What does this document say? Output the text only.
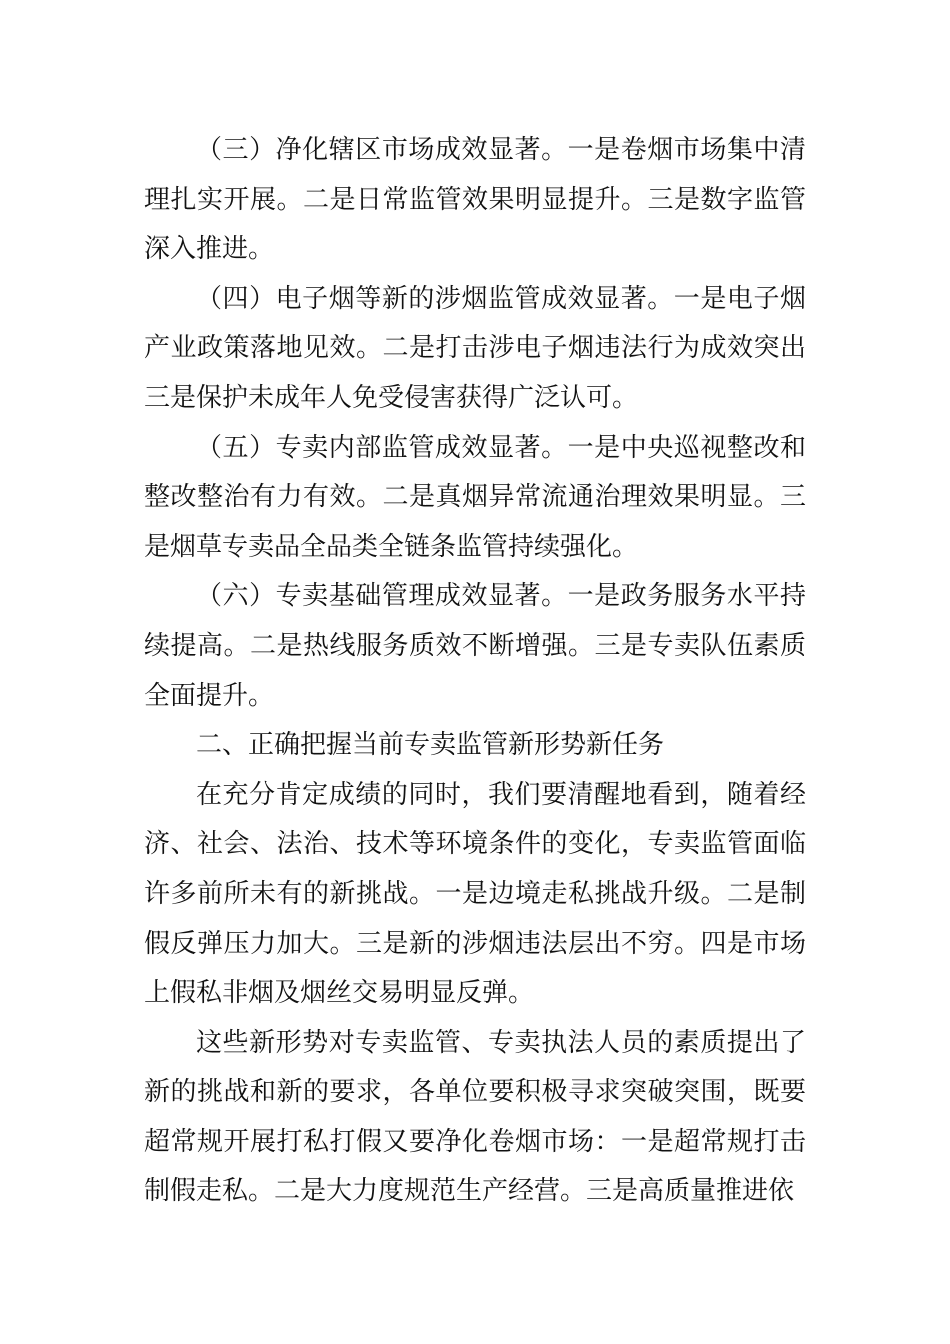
（三）净化辖区市场成效显著。一是卷烟市场集中清理扎实开展。二是日常监管效果明显提升。三是数字监管深入推进。

（四）电子烟等新的涉烟监管成效显著。一是电子烟产业政策落地见效。二是打击涉电子烟违法行为成效突出三是保护未成年人免受侵害获得广泛认可。

（五）专卖内部监管成效显著。一是中央巡视整改和整改整治有力有效。二是真烟异常流通治理效果明显。三是烟草专卖品全品类全链条监管持续强化。

（六）专卖基础管理成效显著。一是政务服务水平持续提高。二是热线服务质效不断增强。三是专卖队伍素质全面提升。

二、正确把握当前专卖监管新形势新任务

在充分肯定成绩的同时，我们要清醒地看到，随着经济、社会、法治、技术等环境条件的变化，专卖监管面临许多前所未有的新挑战。一是边境走私挑战升级。二是制假反弹压力加大。三是新的涉烟违法层出不穷。四是市场上假私非烟及烟丝交易明显反弹。

这些新形势对专卖监管、专卖执法人员的素质提出了新的挑战和新的要求，各单位要积极寻求突破突围，既要超常规开展打私打假又要净化卷烟市场：一是超常规打击制假走私。二是大力度规范生产经营。三是高质量推进依
